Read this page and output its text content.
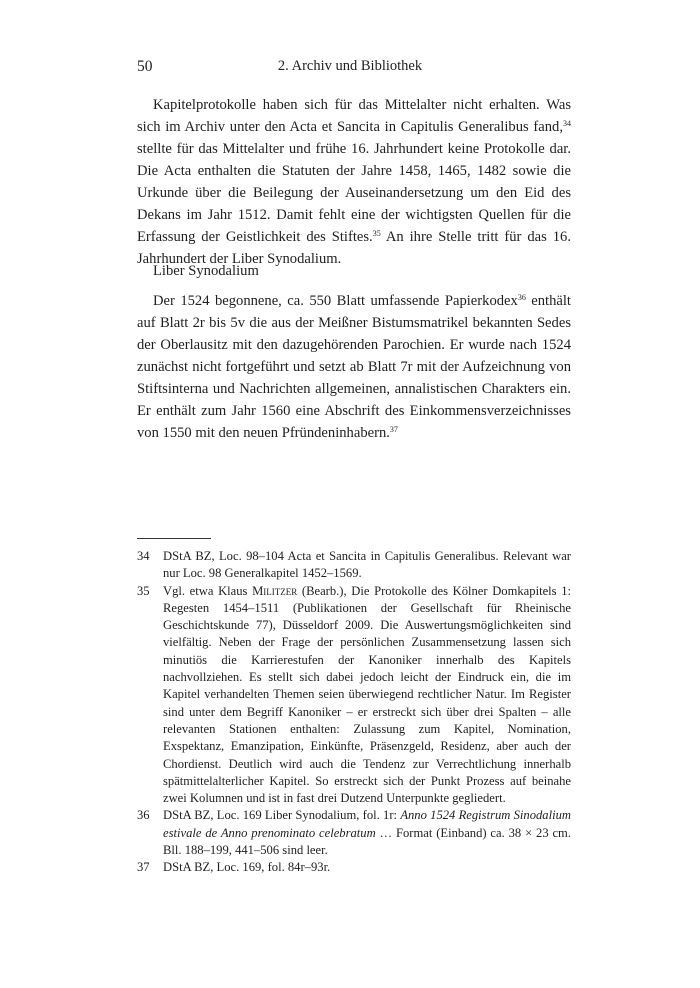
50	2. Archiv und Bibliothek

Kapitelprotokolle haben sich für das Mittelalter nicht erhalten. Was sich im Archiv unter den Acta et Sancita in Capitulis Generalibus fand,$^{34}$ stellte für das Mittelalter und frühe 16. Jahrhundert keine Protokolle dar. Die Acta enthalten die Statuten der Jahre 1458, 1465, 1482 sowie die Urkunde über die Beilegung der Auseinandersetzung um den Eid des Dekans im Jahr 1512. Damit fehlt eine der wichtigsten Quellen für die Erfassung der Geistlichkeit des Stiftes.$^{35}$ An ihre Stelle tritt für das 16. Jahrhundert der Liber Synodalium.

Liber Synodalium

Der 1524 begonnene, ca. 550 Blatt umfassende Papierkodex$^{36}$ enthält auf Blatt 2r bis 5v die aus der Meißner Bistumsmatrikel bekannten Sedes der Oberlausitz mit den dazugehörenden Parochien. Er wurde nach 1524 zunächst nicht fortgeführt und setzt ab Blatt 7r mit der Aufzeichnung von Stiftsinterna und Nachrichten allgemeinen, annalistischen Charakters ein. Er enthält zum Jahr 1560 eine Abschrift des Einkommensverzeichnisses von 1550 mit den neuen Pfründeninhabern.$^{37}$

34 DStA BZ, Loc. 98–104 Acta et Sancita in Capitulis Generalibus. Relevant war nur Loc. 98 Generalkapitel 1452–1569.
35 Vgl. etwa Klaus Militzer (Bearb.), Die Protokolle des Kölner Domkapitels 1: Regesten 1454–1511 (Publikationen der Gesellschaft für Rheinische Geschichtskunde 77), Düsseldorf 2009. Die Auswertungsmöglichkeiten sind vielfältig. Neben der Frage der persönlichen Zusammensetzung lassen sich minutiös die Karrierestufen der Kanoniker innerhalb des Kapitels nachvollziehen. Es stellt sich dabei jedoch leicht der Eindruck ein, die im Kapitel verhandelten Themen seien überwiegend rechtlicher Natur. Im Register sind unter dem Begriff Kanoniker – er erstreckt sich über drei Spalten – alle relevanten Stationen enthalten: Zulassung zum Kapitel, Nomination, Exspektanz, Emanzipation, Einkünfte, Präsenzgeld, Residenz, aber auch der Chordienst. Deutlich wird auch die Tendenz zur Verrechtlichung innerhalb spätmittelalterlicher Kapitel. So erstreckt sich der Punkt Prozess auf beinahe zwei Kolumnen und ist in fast drei Dutzend Unterpunkte gegliedert.
36 DStA BZ, Loc. 169 Liber Synodalium, fol. 1r: Anno 1524 Registrum Sinodalium estivale de Anno prenominato celebratum … Format (Einband) ca. 38 × 23 cm. Bll. 188–199, 441–506 sind leer.
37 DStA BZ, Loc. 169, fol. 84r–93r.
